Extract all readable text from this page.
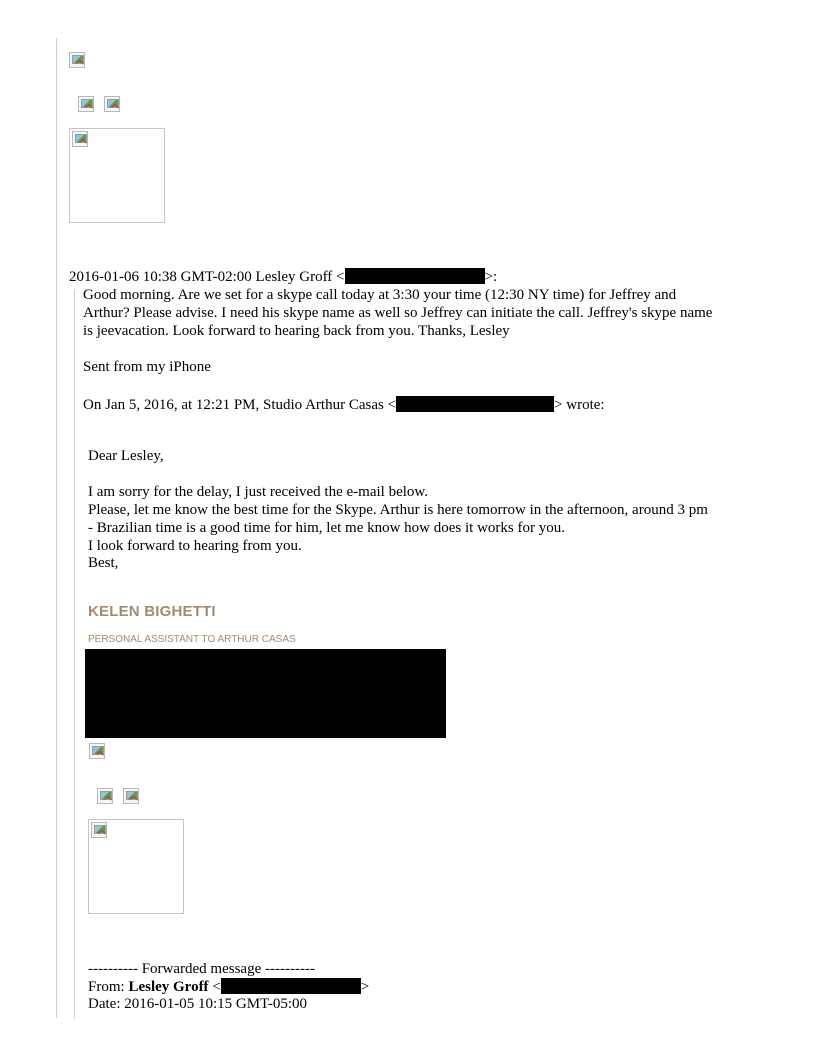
2016-01-06 10:38 GMT-02:00 Lesley Groff <	>:
Good morning. Are we set for a skype call today at 3:30 your time (12:30 NY time) for Jeffrey and
Arthur? Please advise. I need his skype name as well so Jeffrey can initiate the call. Jeffrey's skype name
is jeevacation. Look forward to hearing back from you. Thanks, Lesley
Sent from my iPhone
On Jan 5, 2016, at 12:21 PM, Studio Arthur Casas <	> wrote:
Dear Lesley,
I am sorry for the delay, I just received the e-mail below.
Please, let me know the best time for the Skype. Arthur is here tomorrow in the afternoon, around 3 pm
- Brazilian time is a good time for him, let me know how does it works for you.
I look forward to hearing from you.
Best,
KELEN BIGHETTI
PERSONAL ASSISTANT TO ARTHUR CASAS
---------- Forwarded message ----------
From: Lesley Groff <	>
Date: 2016-01-05 10:15 GMT-05:00
